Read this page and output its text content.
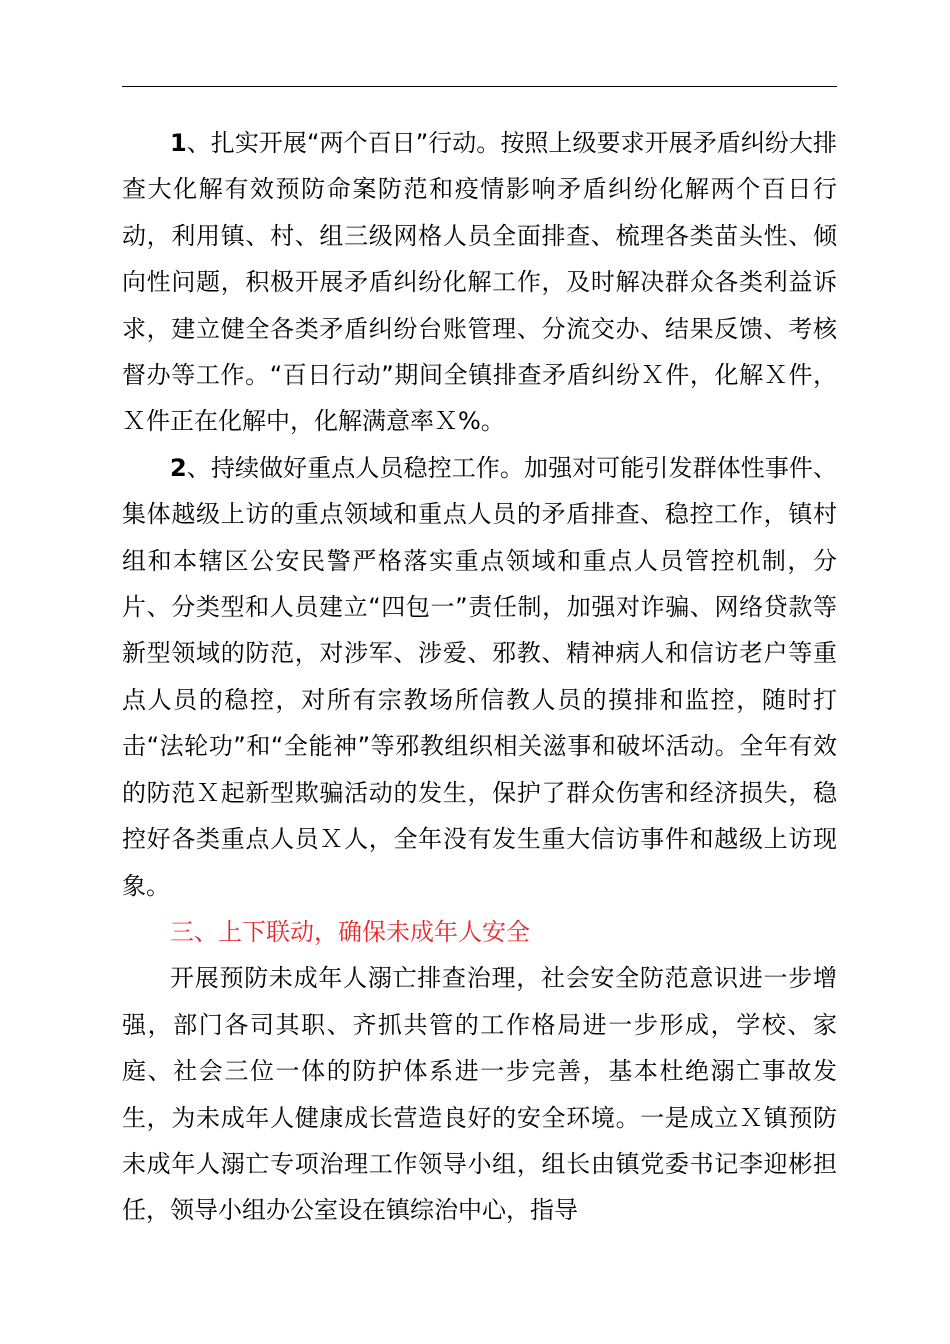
1、扎实开展“两个百日”行动。按照上级要求开展矛盾纠纷大排查大化解有效预防命案防范和疫情影响矛盾纠纷化解两个百日行动，利用镇、村、组三级网格人员全面排查、梳理各类苗头性、倾向性问题，积极开展矛盾纠纷化解工作，及时解决群众各类利益诉求，建立健全各类矛盾纠纷台账管理、分流交办、结果反馈、考核督办等工作。“百日行动”期间全镇排查矛盾纠纷Ｘ件，化解Ｘ件，Ｘ件正在化解中，化解满意率Ｘ%。

2、持续做好重点人员稳控工作。加强对可能引发群体性事件、集体越级上访的重点领域和重点人员的矛盾排查、稳控工作，镇村组和本辖区公安民警严格落实重点领域和重点人员管控机制，分片、分类型和人员建立“四包一”责任制，加强对诈骗、网络贷款等新型领域的防范，对涉军、涉爱、邪教、精神病人和信访老户等重点人员的稳控，对所有宗教场所信教人员的摸排和监控，随时打击“法轮功”和“全能神”等邪教组织相关滋事和破坏活动。全年有效的防范Ｘ起新型欺骗活动的发生，保护了群众伤害和经济损失，稳控好各类重点人员Ｘ人，全年没有发生重大信访事件和越级上访现象。

三、上下联动，确保未成年人安全

开展预防未成年人溺亡排查治理，社会安全防范意识进一步增强，部门各司其职、齐抓共管的工作格局进一步形成，学校、家庭、社会三位一体的防护体系进一步完善，基本杜绝溺亡事故发生，为未成年人健康成长营造良好的安全环境。一是成立Ｘ镇预防未成年人溺亡专项治理工作领导小组，组长由镇党委书记李迎彬担任，领导小组办公室设在镇综治中心，指导
